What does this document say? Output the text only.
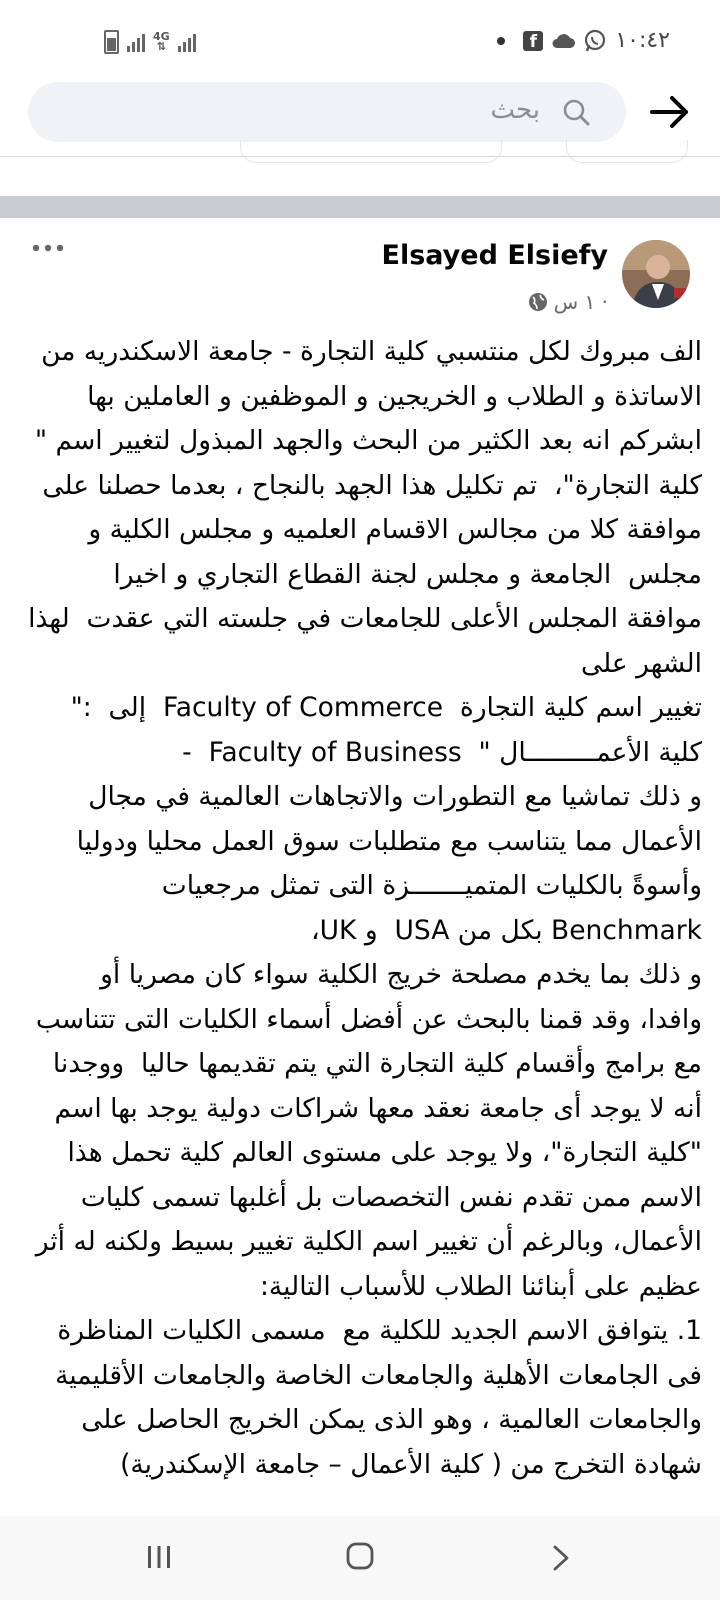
4G
⇅	f	١٠:٤٢
بحث
Elsayed Elsiefy
١ س ·

الف مبروك لكل منتسبي كلية التجارة - جامعة الاسكندريه من

الاساتذة و الطلاب و الخريجين و الموظفين و العاملين بها

ابشركم انه بعد الكثير من البحث والجهد المبذول لتغيير اسم "

كلية التجارة"،  تم تكليل هذا الجهد بالنجاح ، بعدما حصلنا على

موافقة كلا من مجالس الاقسام العلميه و مجلس الكلية و

مجلس  الجامعة و مجلس لجنة القطاع التجاري و اخيرا

موافقة المجلس الأعلى للجامعات في جلسته التي عقدت  لهذا

الشهر على

تغيير اسم كلية التجارة  Faculty of Commerce  إلى  :"

كلية الأعمـــــــــال "  Faculty of Business  -

و ذلك تماشيا مع التطورات والاتجاهات العالمية في مجال

الأعمال مما يتناسب مع متطلبات سوق العمل محليا ودوليا

وأسوةً بالكليات المتميـــــــزة التى تمثل مرجعيات

Benchmark بكل من USA  و UK،

و ذلك بما يخدم مصلحة خريج الكلية سواء كان مصريا أو

وافدا، وقد قمنا بالبحث عن أفضل أسماء الكليات التى تتناسب

مع برامج وأقسام كلية التجارة التي يتم تقديمها حاليا  ووجدنا

أنه لا يوجد أى جامعة نعقد معها شراكات دولية يوجد بها اسم

"كلية التجارة"، ولا يوجد على مستوى العالم كلية تحمل هذا

الاسم ممن تقدم نفس التخصصات بل أغلبها تسمى كليات

الأعمال، وبالرغم أن تغيير اسم الكلية تغيير بسيط ولكنه له أثر

عظيم على أبنائنا الطلاب للأسباب التالية:

1. يتوافق الاسم الجديد للكلية مع  مسمى الكليات المناظرة

فى الجامعات الأهلية والجامعات الخاصة والجامعات الأقليمية

والجامعات العالمية ، وهو الذى يمكن الخريج الحاصل على

شهادة التخرج من ( كلية الأعمال – جامعة الإسكندرية)
